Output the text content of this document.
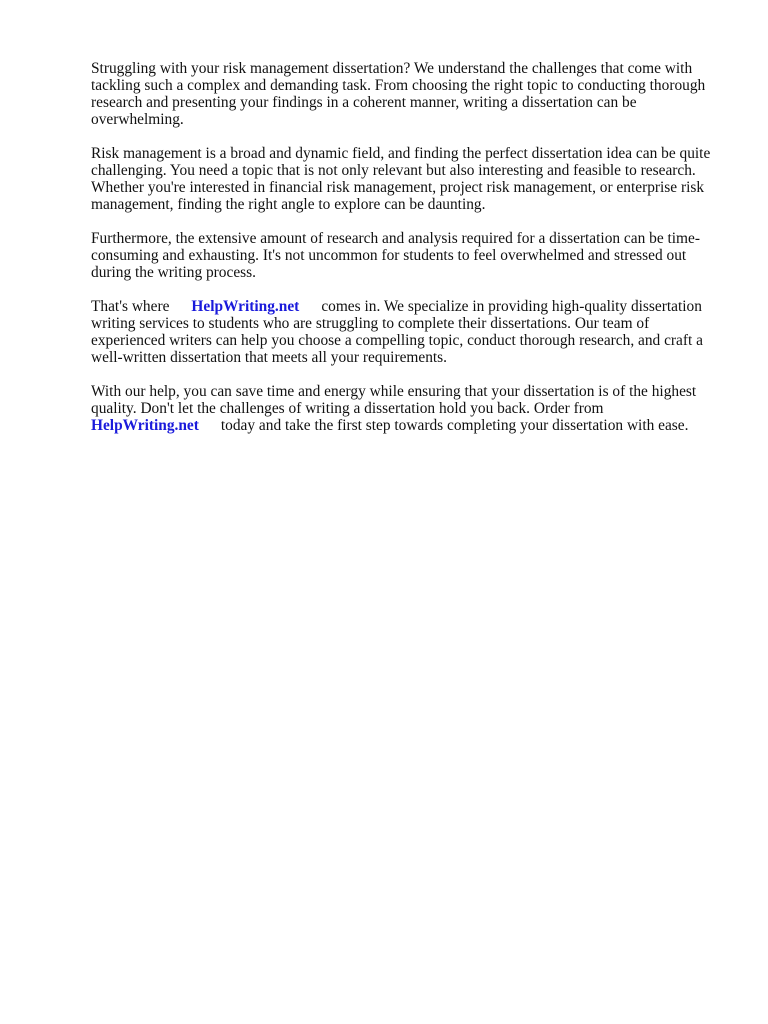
Struggling with your risk management dissertation? We understand the challenges that come with
tackling such a complex and demanding task. From choosing the right topic to conducting thorough
research and presenting your findings in a coherent manner, writing a dissertation can be
overwhelming.

Risk management is a broad and dynamic field, and finding the perfect dissertation idea can be quite
challenging. You need a topic that is not only relevant but also interesting and feasible to research.
Whether you're interested in financial risk management, project risk management, or enterprise risk
management, finding the right angle to explore can be daunting.

Furthermore, the extensive amount of research and analysis required for a dissertation can be time-
consuming and exhausting. It's not uncommon for students to feel overwhelmed and stressed out
during the writing process.

That's where HelpWriting.net comes in. We specialize in providing high-quality dissertation
writing services to students who are struggling to complete their dissertations. Our team of
experienced writers can help you choose a compelling topic, conduct thorough research, and craft a
well-written dissertation that meets all your requirements.

With our help, you can save time and energy while ensuring that your dissertation is of the highest
quality. Don't let the challenges of writing a dissertation hold you back. Order from
HelpWriting.net today and take the first step towards completing your dissertation with ease.
